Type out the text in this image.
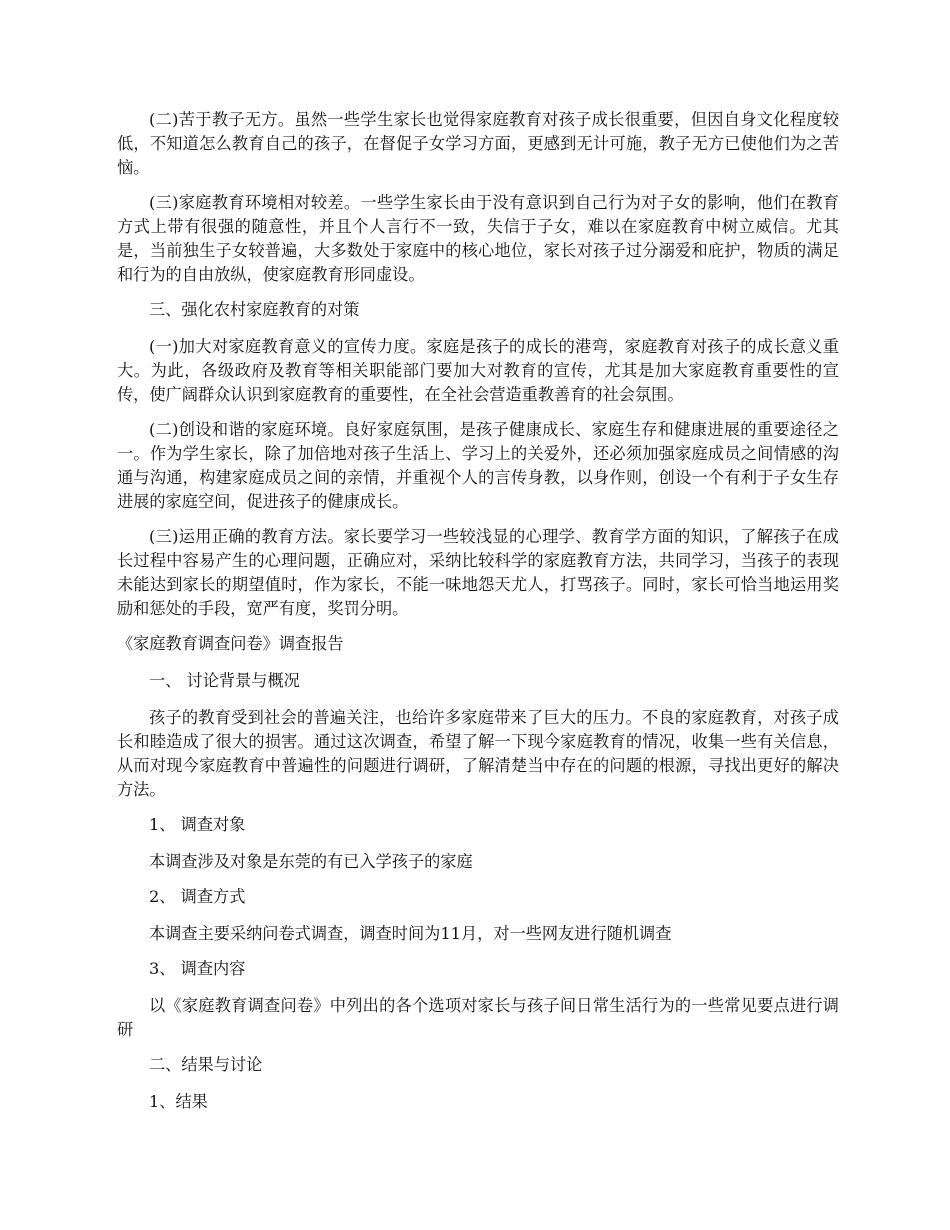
(二)苦于教子无方。虽然一些学生家长也觉得家庭教育对孩子成长很重要，但因自身文化程度较低，不知道怎么教育自己的孩子，在督促子女学习方面，更感到无计可施，教子无方已使他们为之苦恼。

(三)家庭教育环境相对较差。一些学生家长由于没有意识到自己行为对子女的影响，他们在教育方式上带有很强的随意性，并且个人言行不一致，失信于子女，难以在家庭教育中树立威信。尤其是，当前独生子女较普遍，大多数处于家庭中的核心地位，家长对孩子过分溺爱和庇护，物质的满足和行为的自由放纵，使家庭教育形同虚设。

三、强化农村家庭教育的对策

(一)加大对家庭教育意义的宣传力度。家庭是孩子的成长的港弯，家庭教育对孩子的成长意义重大。为此，各级政府及教育等相关职能部门要加大对教育的宣传，尤其是加大家庭教育重要性的宣传，使广阔群众认识到家庭教育的重要性，在全社会营造重教善育的社会氛围。

(二)创设和谐的家庭环境。良好家庭氛围，是孩子健康成长、家庭生存和健康进展的重要途径之一。作为学生家长，除了加倍地对孩子生活上、学习上的关爱外，还必须加强家庭成员之间情感的沟通与沟通，构建家庭成员之间的亲情，并重视个人的言传身教，以身作则，创设一个有利于子女生存进展的家庭空间，促进孩子的健康成长。

(三)运用正确的教育方法。家长要学习一些较浅显的心理学、教育学方面的知识，了解孩子在成长过程中容易产生的心理问题，正确应对，采纳比较科学的家庭教育方法，共同学习，当孩子的表现未能达到家长的期望值时，作为家长，不能一味地怨天尤人，打骂孩子。同时，家长可恰当地运用奖励和惩处的手段，宽严有度，奖罚分明。

《家庭教育调查问卷》调查报告

一、 讨论背景与概况

孩子的教育受到社会的普遍关注，也给许多家庭带来了巨大的压力。不良的家庭教育，对孩子成长和睦造成了很大的损害。通过这次调查，希望了解一下现今家庭教育的情况，收集一些有关信息，从而对现今家庭教育中普遍性的问题进行调研，了解清楚当中存在的问题的根源，寻找出更好的解决方法。

1、 调查对象

本调查涉及对象是东莞的有已入学孩子的家庭

2、 调查方式

本调查主要采纳问卷式调查，调查时间为11月，对一些网友进行随机调查

3、 调查内容

以《家庭教育调查问卷》中列出的各个选项对家长与孩子间日常生活行为的一些常见要点进行调研

二、结果与讨论

1、结果
